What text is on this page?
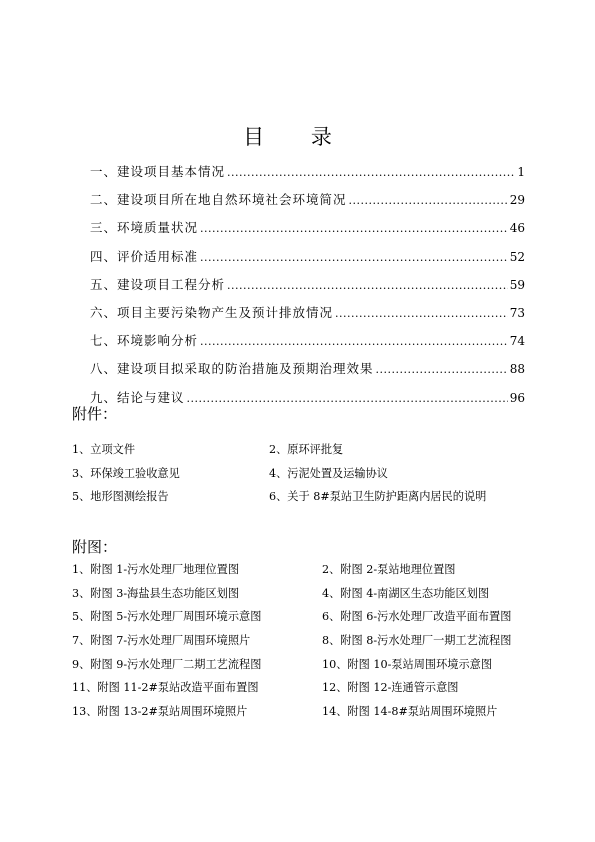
目 录
一、建设项目基本情况 .....	1
二、建设项目所在地自然环境社会环境简况 .....	29
三、环境质量状况 .....	46
四、评价适用标准 .....	52
五、建设项目工程分析 .....	59
六、项目主要污染物产生及预计排放情况 .....	73
七、环境影响分析 .....	74
八、建设项目拟采取的防治措施及预期治理效果 .....	88
九、结论与建议 .....	96
附件：
1、立项文件	2、原环评批复
3、环保竣工验收意见	4、污泥处置及运输协议
5、地形图测绘报告	6、关于 8#泵站卫生防护距离内居民的说明
附图：
1、附图 1-污水处理厂地理位置图	2、附图 2-泵站地理位置图
3、附图 3-海盐县生态功能区划图	4、附图 4-南湖区生态功能区划图
5、附图 5-污水处理厂周围环境示意图	6、附图 6-污水处理厂改造平面布置图
7、附图 7-污水处理厂周围环境照片	8、附图 8-污水处理厂一期工艺流程图
9、附图 9-污水处理厂二期工艺流程图	10、附图 10-泵站周围环境示意图
11、附图 11-2#泵站改造平面布置图	12、附图 12-连通管示意图
13、附图 13-2#泵站周围环境照片	14、附图 14-8#泵站周围环境照片
